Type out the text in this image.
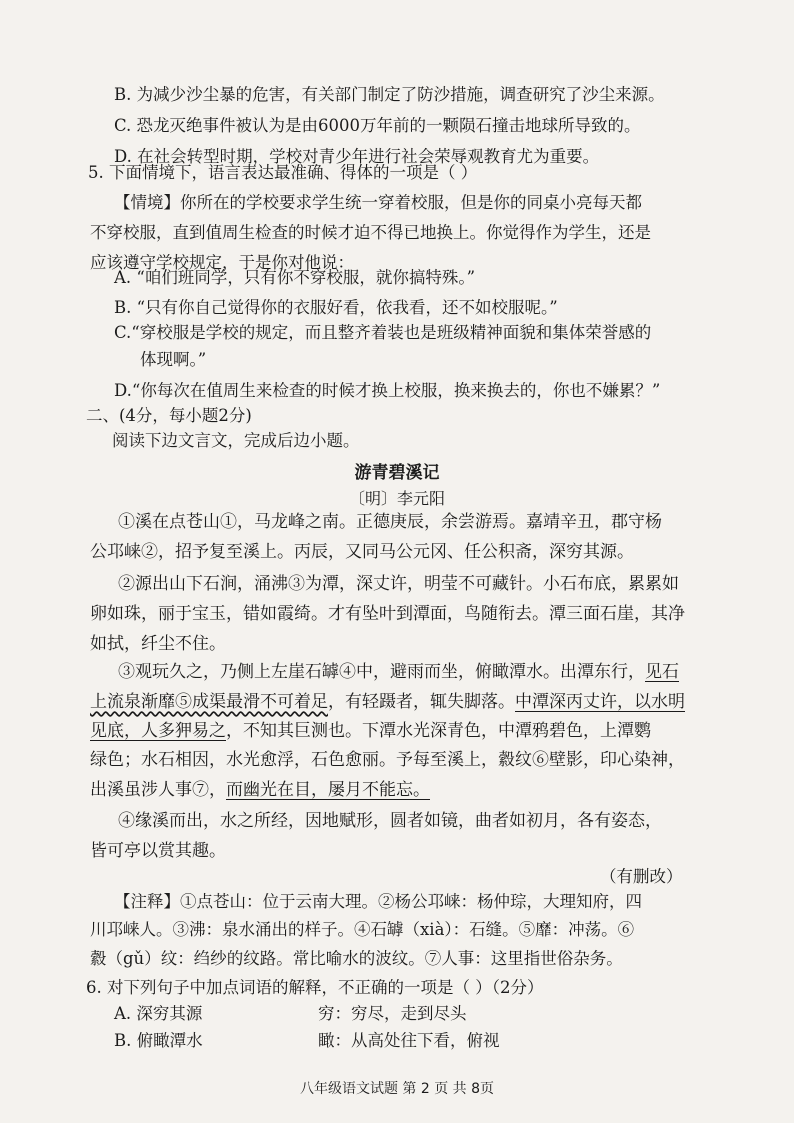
B. 为减少沙尘暴的危害，有关部门制定了防沙措施，调查研究了沙尘来源。
C. 恐龙灭绝事件被认为是由6000万年前的一颗陨石撞击地球所导致的。
D. 在社会转型时期，学校对青少年进行社会荣辱观教育尤为重要。
5. 下面情境下，语言表达最准确、得体的一项是（ ）
【情境】你所在的学校要求学生统一穿着校服，但是你的同桌小亮每天都
不穿校服，直到值周生检查的时候才迫不得已地换上。你觉得作为学生，还是
应该遵守学校规定，于是你对他说：
A. “咱们班同学，只有你不穿校服，就你搞特殊。”
B. “只有你自己觉得你的衣服好看，依我看，还不如校服呢。”
C.“穿校服是学校的规定，而且整齐着装也是班级精神面貌和集体荣誉感的
体现啊。”
D.“你每次在值周生来检查的时候才换上校服，换来换去的，你也不嫌累？”
二、(4分，每小题2分)
阅读下边文言文，完成后边小题。
游青碧溪记
〔明〕李元阳
①溪在点苍山①，马龙峰之南。正德庚辰，余尝游焉。嘉靖辛丑，郡守杨
公邛崃②，招予复至溪上。丙辰，又同马公元冈、任公积斋，深穷其源。
②源出山下石涧，涌沸③为潭，深丈许，明莹不可藏针。小石布底，累累如
卵如珠，丽于宝玉，错如霞绮。才有坠叶到潭面，鸟随衔去。潭三面石崖，其净
如拭，纤尘不住。
③观玩久之，乃侧上左崖石罅④中，避雨而坐，俯瞰潭水。出潭东行，见石
上流泉渐靡⑤成渠最滑不可着足，有轻蹑者，辄失脚落。中潭深丙丈许，以水明
见底，人多狎易之，不知其巨测也。下潭水光深青色，中潭鸦碧色，上潭鹦
绿色；水石相因，水光愈浮，石色愈丽。予每至溪上，縠纹⑥壁影，印心染神，
出溪虽涉人事⑦，而幽光在目，屡月不能忘。
④缘溪而出，水之所经，因地赋形，圆者如镜，曲者如初月，各有姿态，
皆可亭以赏其趣。
（有删改）
【注释】①点苍山：位于云南大理。②杨公邛崃：杨仲琮，大理知府，四
川邛崃人。③沸：泉水涌出的样子。④石罅（xià）：石缝。⑤靡：冲荡。⑥
縠（gǔ）纹：绉纱的纹路。常比喻水的波纹。⑦人事：这里指世俗杂务。
6. 对下列句子中加点词语的解释，不正确的一项是（ ）（2分）
A. 深穷其源	穷：穷尽，走到尽头
B. 俯瞰潭水	瞰：从高处往下看，俯视
八年级语文试题 第 2 页 共 8页
